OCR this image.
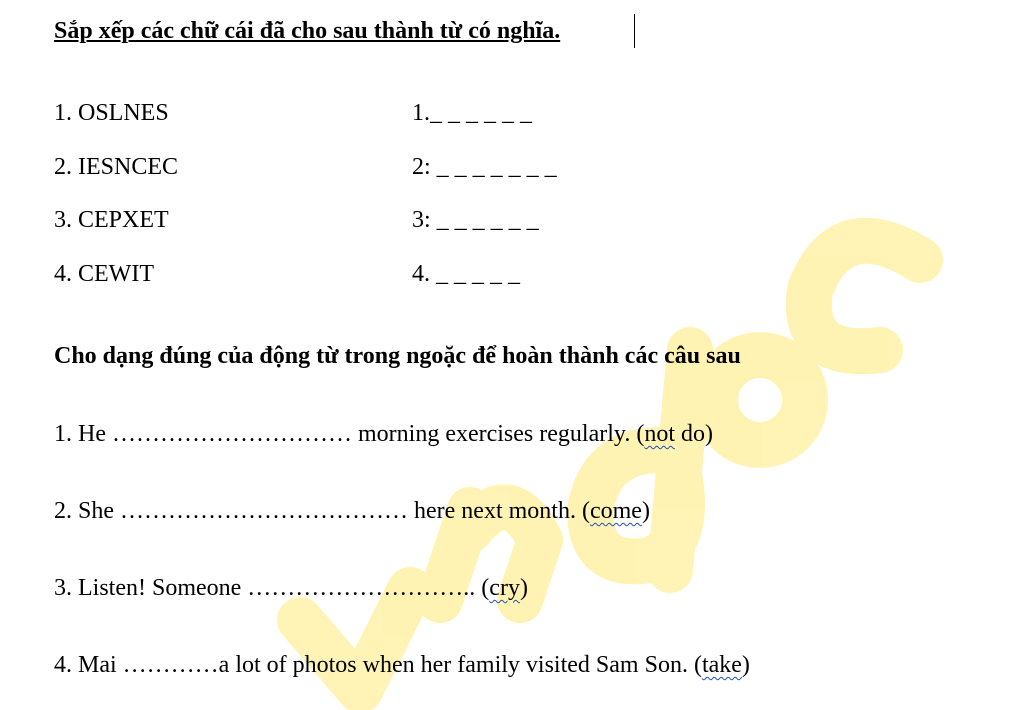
Sắp xếp các chữ cái đã cho sau thành từ có nghĩa.
1. OSLNES	1._ _ _ _ _ _
2. IESNCEC	2: _ _ _ _ _ _ _
3. CEPXET	3: _ _ _ _ _ _
4. CEWIT	4. _ _ _ _ _
Cho dạng đúng của động từ trong ngoặc để hoàn thành các câu sau
1. He ………………………… morning exercises regularly. (not do)
2. She ……………………………… here next month. (come)
3. Listen! Someone ……………………….. (cry)
4. Mai …………a lot of photos when her family visited Sam Son. (take)
